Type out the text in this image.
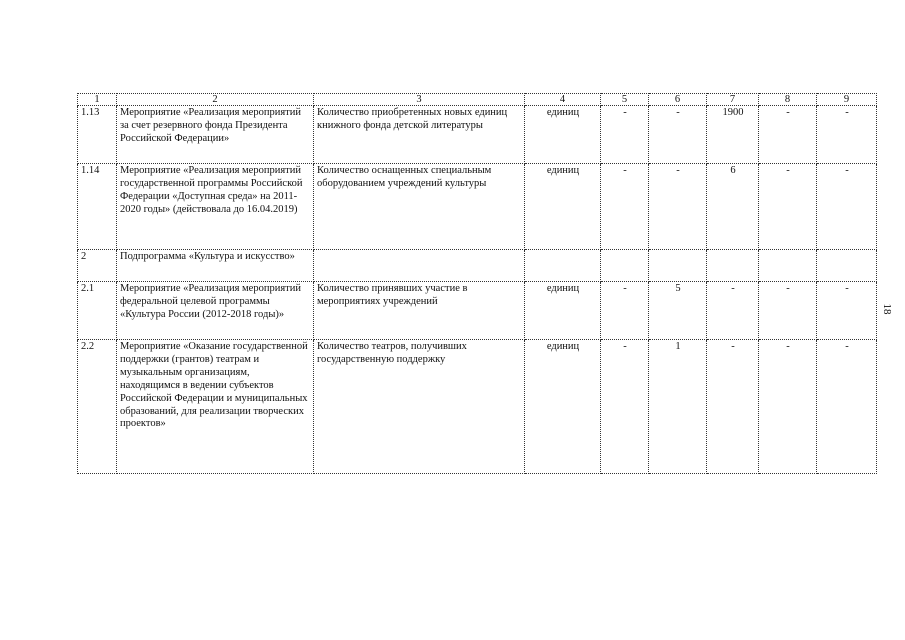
1	2	3	4	5	6	7	8	9
1.13	Мероприятие «Реализация мероприятий за счет резервного фонда Президента Российской Федерации»	Количество приобретенных новых единиц книжного фонда детской литературы	единиц	-	-	1900	-	-
1.14	Мероприятие «Реализация мероприятий государственной программы Российской Федерации «Доступная среда» на 2011-2020 годы» (действовала до 16.04.2019)	Количество оснащенных специальным оборудованием учреждений культуры	единиц	-	-	6	-	-
2	Подпрограмма «Культура и искусство»							
2.1	Мероприятие «Реализация мероприятий федеральной целевой программы «Культура России (2012-2018 годы)»	Количество принявших участие в мероприятиях учреждений	единиц	-	5	-	-	-
2.2	Мероприятие «Оказание государственной поддержки (грантов) театрам и музыкальным организациям, находящимся в ведении субъектов Российской Федерации и муниципальных образований, для реализации творческих проектов»	Количество театров, получивших государственную поддержку	единиц	-	1	-	-	-
18
